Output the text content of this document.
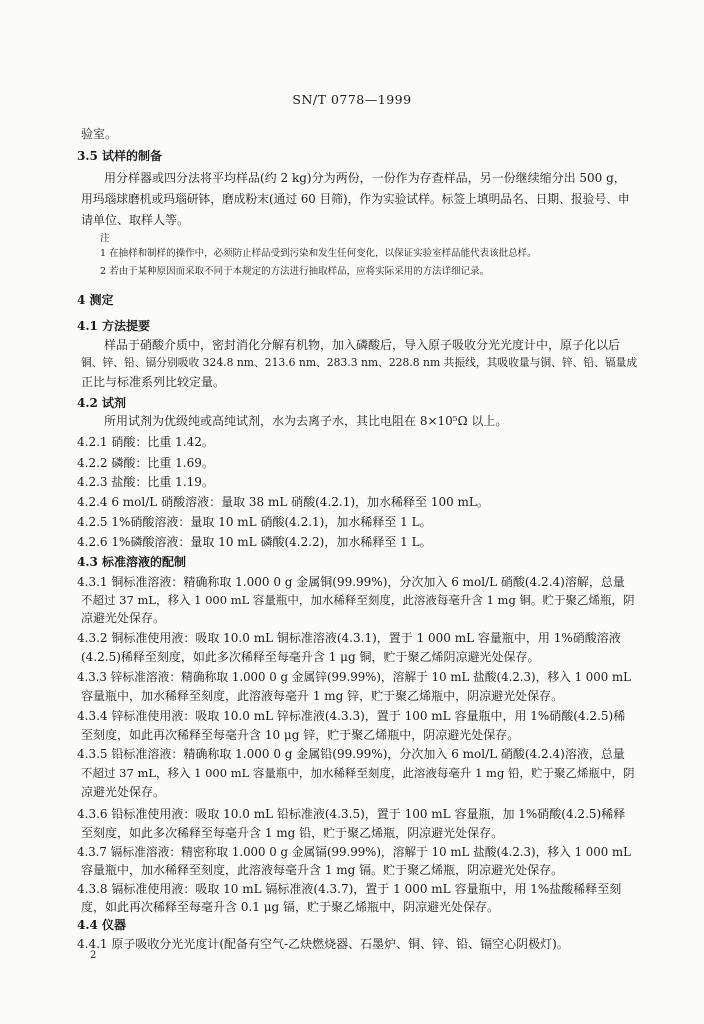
SN/T 0778—1999
验室。
3.5 试样的制备
用分样器或四分法将平均样品(约 2 kg)分为两份，一份作为存查样品，另一份继续缩分出 500 g，
用玛瑙球磨机或玛瑙研钵，磨成粉末(通过 60 目筛)，作为实验试样。标签上填明品名、日期、报验号、申
请单位、取样人等。
注
1 在抽样和制样的操作中，必须防止样品受到污染和发生任何变化，以保证实验室样品能代表该批总样。
2 若由于某种原因而采取不同于本规定的方法进行抽取样品，应将实际采用的方法详细记录。
4 测定
4.1 方法提要
样品于硝酸介质中，密封消化分解有机物，加入磷酸后，导入原子吸收分光光度计中，原子化以后
铜、锌、铅、镉分别吸收 324.8 nm、213.6 nm、283.3 nm、228.8 nm 共振线，其吸收量与铜、锌、铅、镉量成
正比与标准系列比较定量。
4.2 试剂
所用试剂为优级纯或高纯试剂，水为去离子水，其比电阻在 8×10⁵Ω 以上。
4.2.1 硝酸：比重 1.42。
4.2.2 磷酸：比重 1.69。
4.2.3 盐酸：比重 1.19。
4.2.4 6 mol/L 硝酸溶液：量取 38 mL 硝酸(4.2.1)，加水稀释至 100 mL。
4.2.5 1%硝酸溶液：量取 10 mL 硝酸(4.2.1)，加水稀释至 1 L。
4.2.6 1%磷酸溶液：量取 10 mL 磷酸(4.2.2)，加水稀释至 1 L。
4.3 标准溶液的配制
4.3.1 铜标准溶液：精确称取 1.000 0 g 金属铜(99.99%)，分次加入 6 mol/L 硝酸(4.2.4)溶解，总量
不超过 37 mL，移入 1 000 mL 容量瓶中，加水稀释至刻度，此溶液每毫升含 1 mg 铜。贮于聚乙烯瓶，阴
凉避光处保存。
4.3.2 铜标准使用液：吸取 10.0 mL 铜标准溶液(4.3.1)，置于 1 000 mL 容量瓶中，用 1%硝酸溶液
(4.2.5)稀释至刻度，如此多次稀释至每毫升含 1 μg 铜，贮于聚乙烯阴凉避光处保存。
4.3.3 锌标准溶液：精确称取 1.000 0 g 金属锌(99.99%)，溶解于 10 mL 盐酸(4.2.3)，移入 1 000 mL
容量瓶中，加水稀释至刻度，此溶液每毫升 1 mg 锌，贮于聚乙烯瓶中，阴凉避光处保存。
4.3.4 锌标准使用液：吸取 10.0 mL 锌标准液(4.3.3)，置于 100 mL 容量瓶中，用 1%硝酸(4.2.5)稀
至刻度，如此再次稀释至每毫升含 10 μg 锌，贮于聚乙烯瓶中，阴凉避光处保存。
4.3.5 铅标准溶液：精确称取 1.000 0 g 金属铅(99.99%)，分次加入 6 mol/L 硝酸(4.2.4)溶液，总量
不超过 37 mL，移入 1 000 mL 容量瓶中，加水稀释至刻度，此溶液每毫升 1 mg 铅，贮于聚乙烯瓶中，阴
凉避光处保存。
4.3.6 铅标准使用液：吸取 10.0 mL 铅标准液(4.3.5)，置于 100 mL 容量瓶，加 1%硝酸(4.2.5)稀释
至刻度，如此多次稀释至每毫升含 1 mg 铅，贮于聚乙烯瓶，阴凉避光处保存。
4.3.7 镉标准溶液：精密称取 1.000 0 g 金属镉(99.99%)，溶解于 10 mL 盐酸(4.2.3)，移入 1 000 mL
容量瓶中，加水稀释至刻度，此溶液每毫升含 1 mg 镉。贮于聚乙烯瓶，阴凉避光处保存。
4.3.8 镉标准使用液：吸取 10 mL 镉标准液(4.3.7)，置于 1 000 mL 容量瓶中，用 1%盐酸稀释至刻
度，如此再次稀释至每毫升含 0.1 μg 镉，贮于聚乙烯瓶中，阴凉避光处保存。
4.4 仪器
4.4.1 原子吸收分光光度计(配备有空气-乙炔燃烧器、石墨炉、铜、锌、铅、镉空心阴极灯)。
2
